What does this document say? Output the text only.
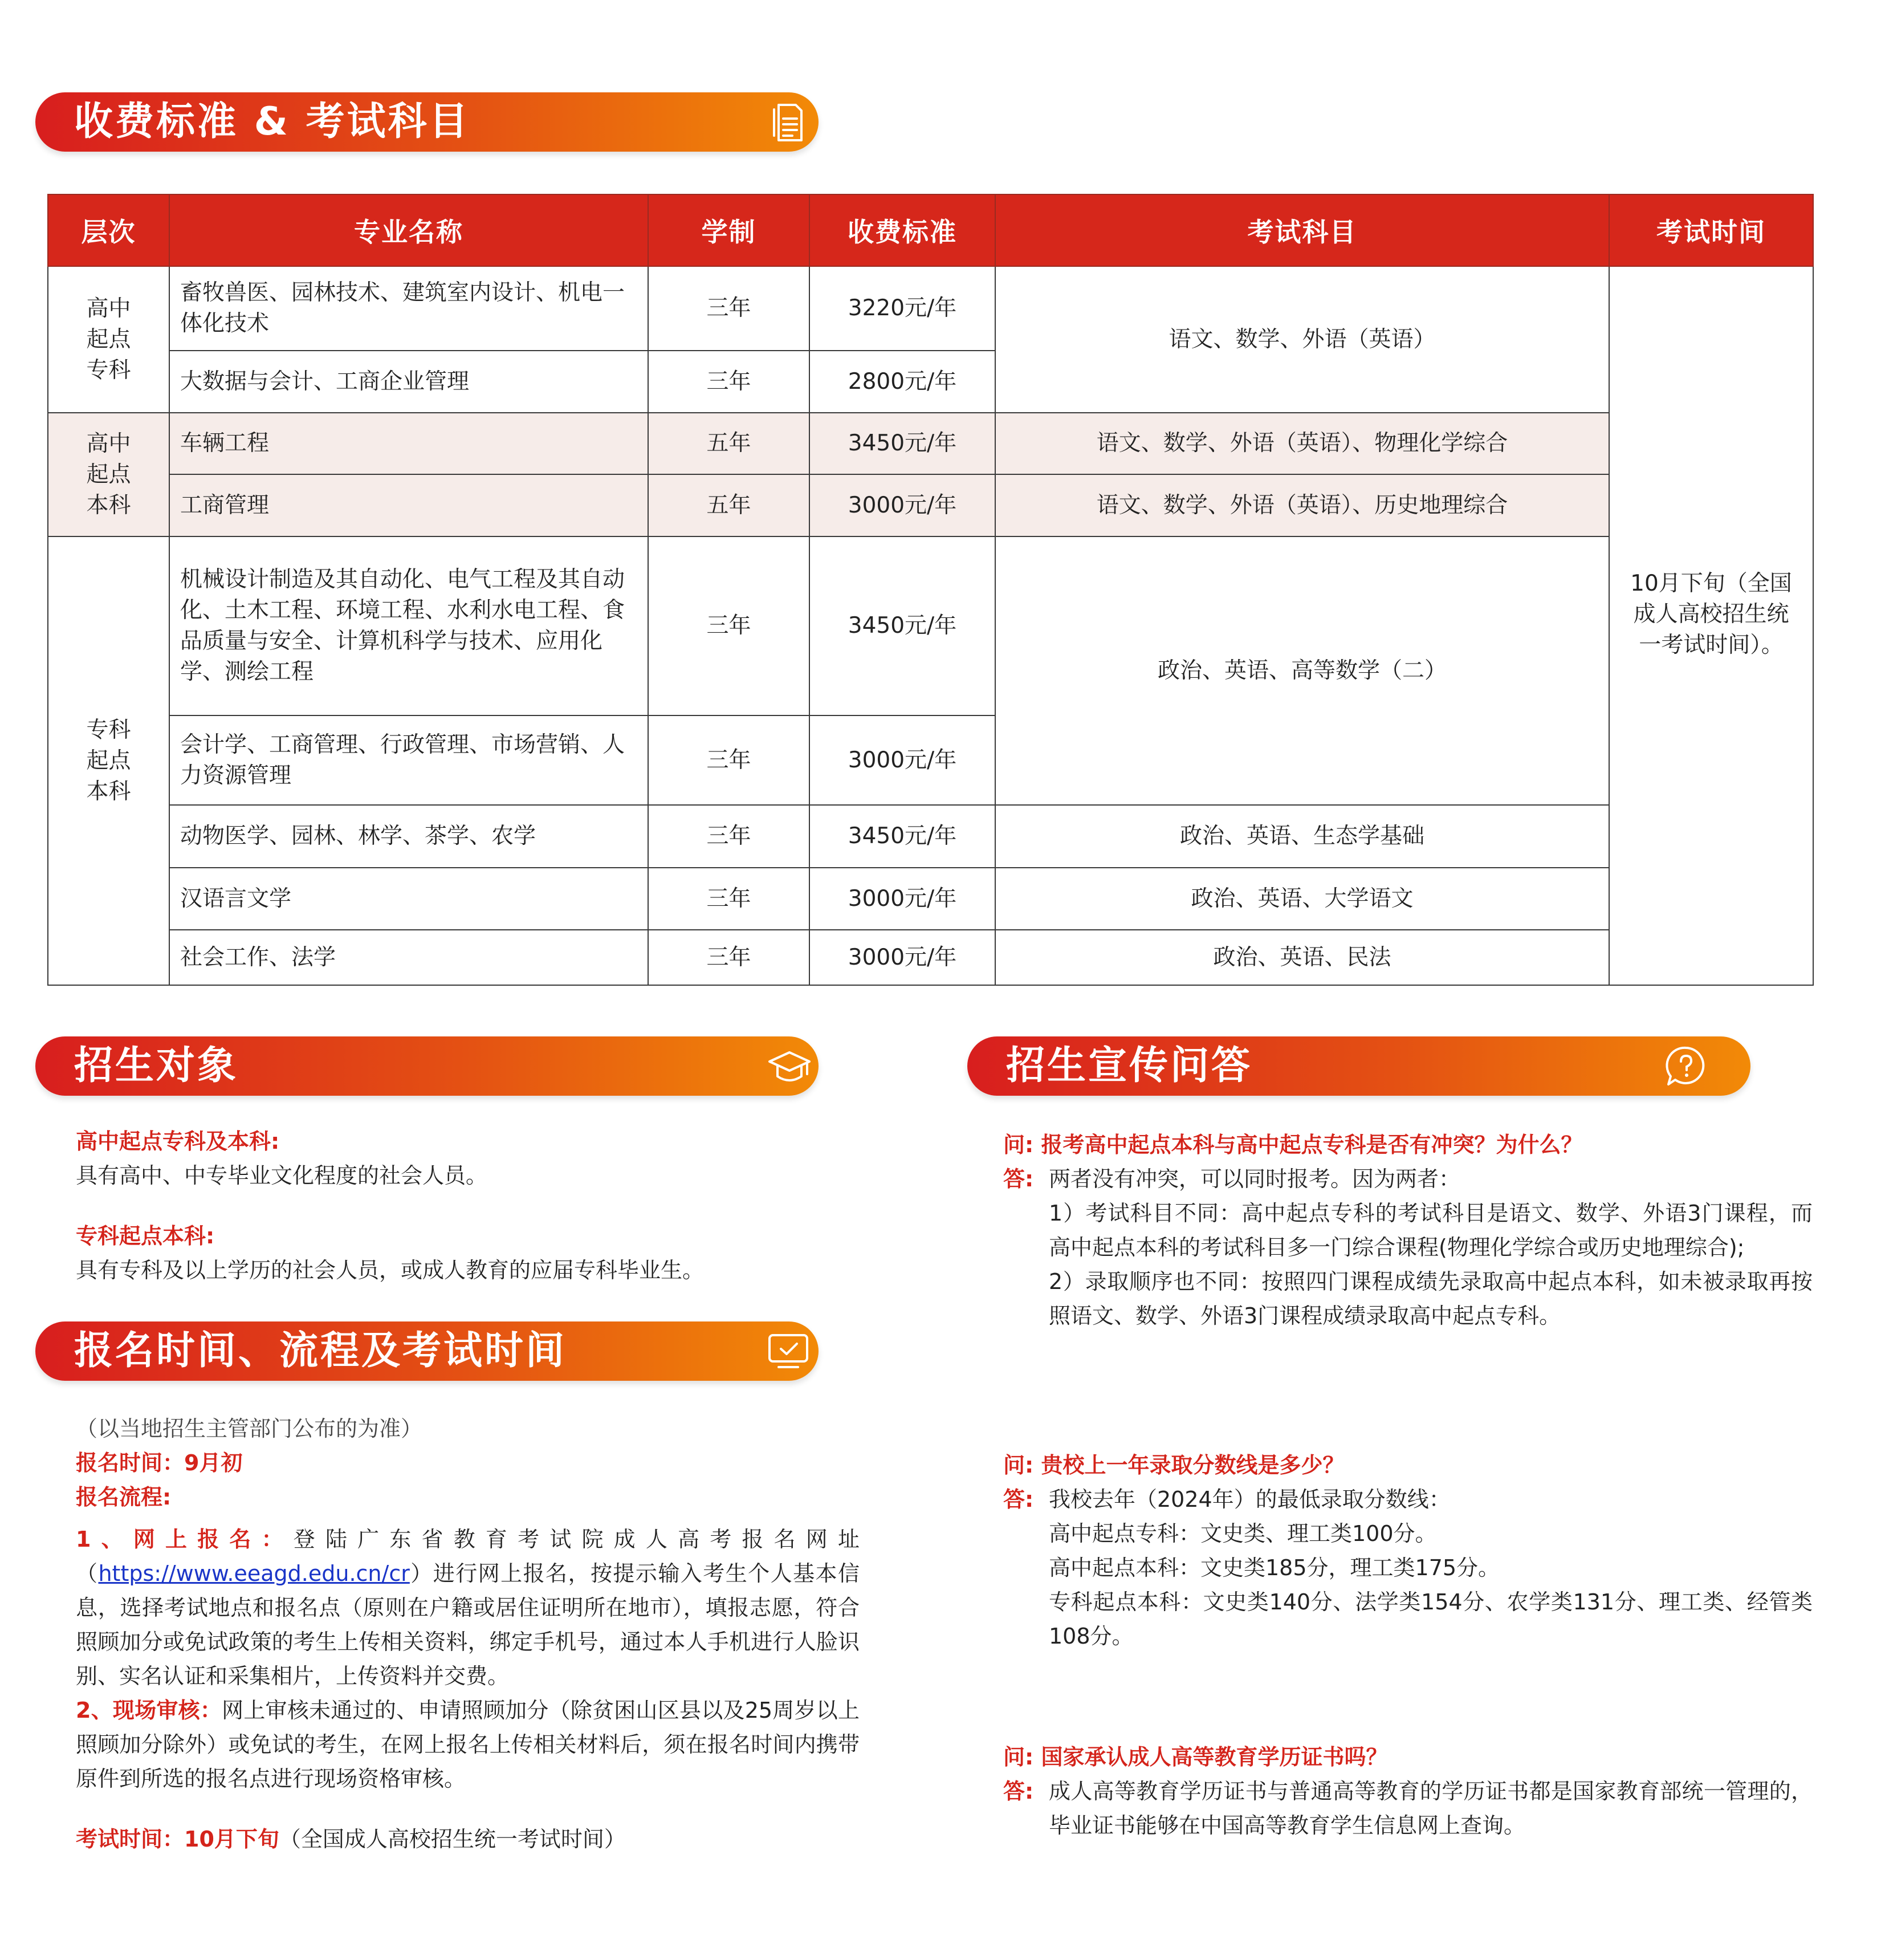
收费标准 & 考试科目
层次	专业名称	学制	收费标准	考试科目	考试时间

高中
起点
专科	畜牧兽医、园林技术、建筑室内设计、机电一体化技术	三年	3220元/年	语文、数学、外语（英语）	10月下旬（全国成人高校招生统一考试时间）。

	大数据与会计、工商企业管理	三年	2800元/年		

高中
起点
本科	车辆工程	五年	3450元/年	语文、数学、外语（英语）、物理化学综合	
	工商管理	五年	3000元/年	语文、数学、外语（英语）、历史地理综合	

专科
起点
本科	机械设计制造及其自动化、电气工程及其自动化、土木工程、环境工程、水利水电工程、食品质量与安全、计算机科学与技术、应用化学、测绘工程	三年	3450元/年	政治、英语、高等数学（二）	
	会计学、工商管理、行政管理、市场营销、人力资源管理	三年	3000元/年		
	动物医学、园林、林学、茶学、农学	三年	3450元/年	政治、英语、生态学基础	
	汉语言文学	三年	3000元/年	政治、英语、大学语文	
	社会工作、法学	三年	3000元/年	政治、英语、民法	
招生对象
高中起点专科及本科:
具有高中、中专毕业文化程度的社会人员。
专科起点本科:
具有专科及以上学历的社会人员，或成人教育的应届专科毕业生。
报名时间、流程及考试时间
（以当地招生主管部门公布的为准）
报名时间：9月初
报名流程:
1、网上报名：登陆广东省教育考试院成人高考报名网址（https://www.eeagd.edu.cn/cr）进行网上报名，按提示输入考生个人基本信息，选择考试地点和报名点（原则在户籍或居住证明所在地市），填报志愿，符合照顾加分或免试政策的考生上传相关资料，绑定手机号，通过本人手机进行人脸识别、实名认证和采集相片，上传资料并交费。
2、现场审核：网上审核未通过的、申请照顾加分（除贫困山区县以及25周岁以上照顾加分除外）或免试的考生，在网上报名上传相关材料后，须在报名时间内携带原件到所选的报名点进行现场资格审核。
考试时间：10月下旬（全国成人高校招生统一考试时间）
招生宣传问答
问: 报考高中起点本科与高中起点专科是否有冲突？为什么？
答: 两者没有冲突，可以同时报考。因为两者：
1）考试科目不同：高中起点专科的考试科目是语文、数学、外语3门课程，而高中起点本科的考试科目多一门综合课程(物理化学综合或历史地理综合);
2）录取顺序也不同：按照四门课程成绩先录取高中起点本科，如未被录取再按照语文、数学、外语3门课程成绩录取高中起点专科。
问: 贵校上一年录取分数线是多少？
答: 我校去年（2024年）的最低录取分数线：
高中起点专科：文史类、理工类100分。
高中起点本科：文史类185分，理工类175分。
专科起点本科：文史类140分、法学类154分、农学类131分、理工类、经管类108分。
问: 国家承认成人高等教育学历证书吗？
答: 成人高等教育学历证书与普通高等教育的学历证书都是国家教育部统一管理的，毕业证书能够在中国高等教育学生信息网上查询。
